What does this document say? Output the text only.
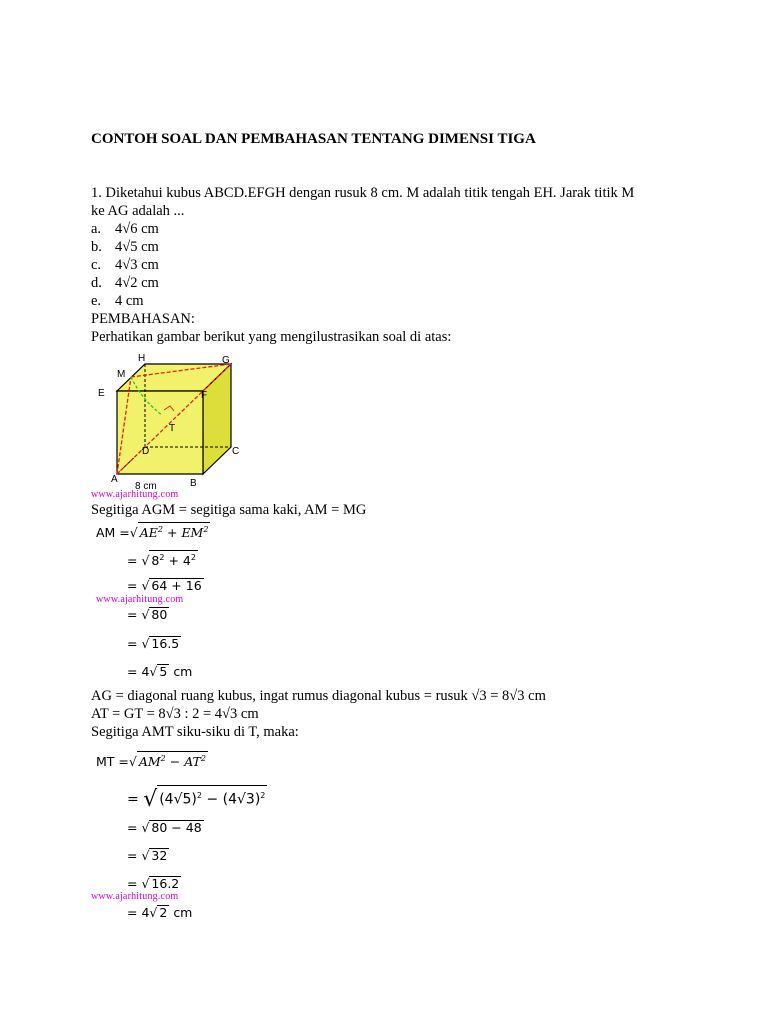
CONTOH SOAL DAN PEMBAHASAN TENTANG DIMENSI TIGA
1. Diketahui kubus ABCD.EFGH dengan rusuk 8 cm. M adalah titik tengah EH. Jarak titik M
ke AG adalah ...
a. 4√6 cm
b. 4√5 cm
c. 4√3 cm
d. 4√2 cm
e. 4 cm
PEMBAHASAN:
Perhatikan gambar berikut yang mengilustrasikan soal di atas:
H	G
M
E	F
T
D	C
A	B
8 cm
www.ajarhitung.com
Segitiga AGM = segitiga sama kaki, AM = MG
AM =√ $AE^2 + EM^2$
= √ $8^2 + 4^2$
= √ 64 + 16
www.ajarhitung.com
= √ 80
= √ 16.5
= 4√ 5 cm
AG = diagonal ruang kubus, ingat rumus diagonal kubus = rusuk √3 = 8√3 cm
AT = GT = 8√3 : 2 = 4√3 cm
Segitiga AMT siku-siku di T, maka:
MT =√ $AM^2 - AT^2$
= √ $(4√5)^2 - (4√3)^2$
= √ 80 − 48
= √ 32
= √ 16.2
www.ajarhitung.com
= 4√ 2 cm
